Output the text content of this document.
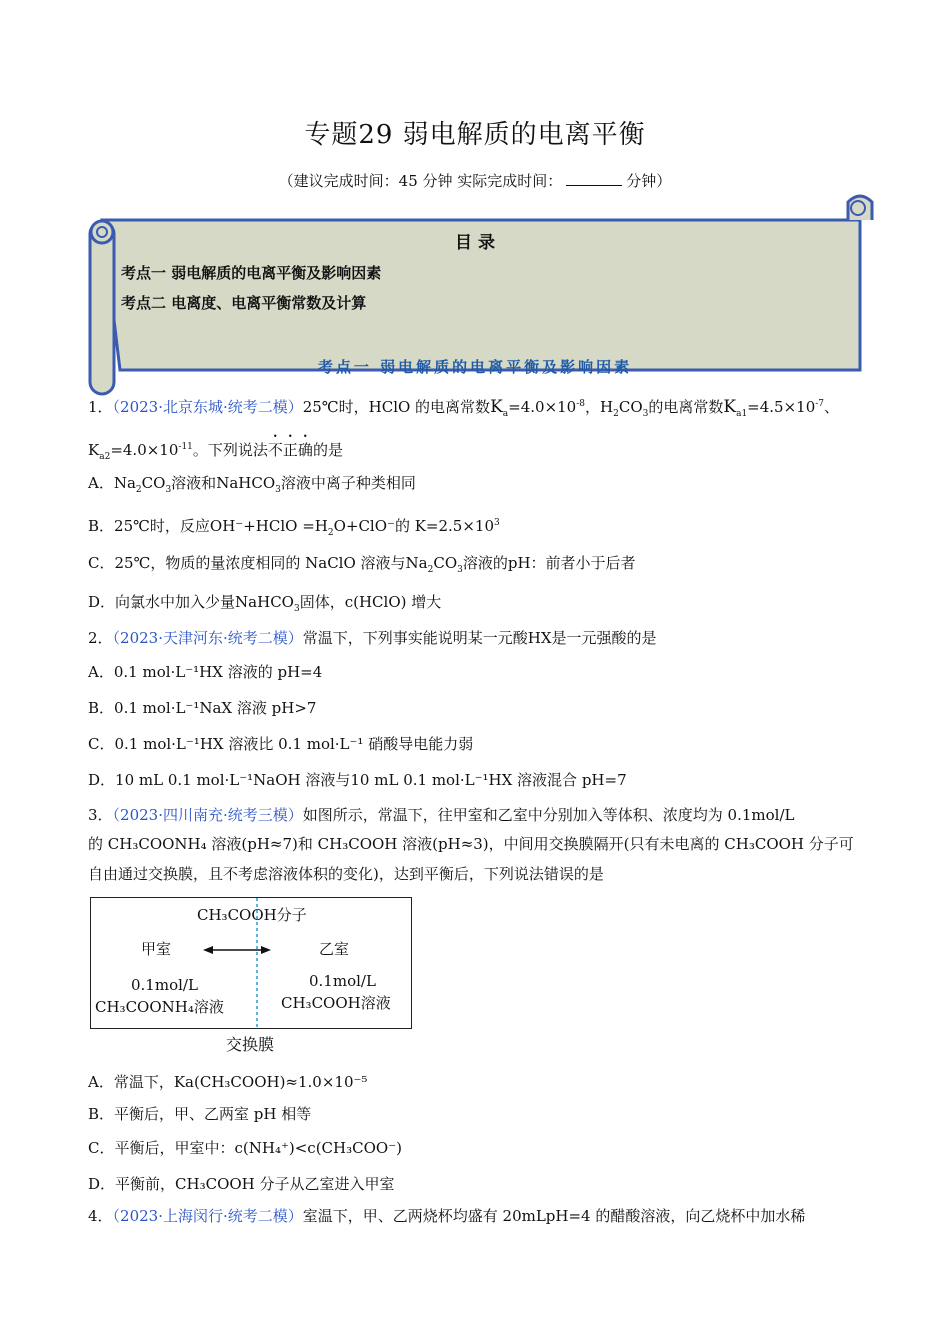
专题29 弱电解质的电离平衡
（建议完成时间：45 分钟 实际完成时间：	分钟）
目 录
考点一 弱电解质的电离平衡及影响因素
考点二 电离度、电离平衡常数及计算
考点一 弱电解质的电离平衡及影响因素
1．（2023·北京东城·统考二模）25℃时，HClO 的电离常数$K_a=4.0\times 10^{-8}$，$H_2CO_3$的电离常数$K_{a1}=4.5\times 10^{-7}$、
$K_{a2}=4.0\times 10^{-11}$。下列说法不正确的是
A．$Na_2CO_3$溶液和NaHCO$_3$溶液中离子种类相同
B．25℃时，反应OH⁻+HClO $=H_2O+ClO^-$的 $K=2.5\times 10^3$
C．25℃，物质的量浓度相同的 NaClO 溶液与$Na_2CO_3$溶液的pH：前者小于后者
D．向氯水中加入少量NaHCO$_3$固体，c(HClO) 增大
2．（2023·天津河东·统考二模）常温下，下列事实能说明某一元酸HX是一元强酸的是
A．0.1 mol·L⁻¹HX 溶液的 pH=4
B．0.1 mol·L⁻¹NaX 溶液 pH>7
C．0.1 mol·L⁻¹HX 溶液比 0.1 mol·L⁻¹ 硝酸导电能力弱
D．10 mL 0.1 mol·L⁻¹NaOH 溶液与10 mL 0.1 mol·L⁻¹HX 溶液混合 pH=7
3．（2023·四川南充·统考三模）如图所示，常温下，往甲室和乙室中分别加入等体积、浓度均为 0.1mol/L
的 CH₃COONH₄ 溶液(pH≈7)和 CH₃COOH 溶液(pH≈3)，中间用交换膜隔开(只有未电离的 CH₃COOH 分子可
自由通过交换膜，且不考虑溶液体积的变化)，达到平衡后，下列说法错误的是
CH₃COOH分子
甲室	乙室
0.1mol/L
CH₃COONH₄溶液
0.1mol/L
CH₃COOH溶液
交换膜
A．常温下，Ka(CH₃COOH)≈1.0×10⁻⁵
B．平衡后，甲、乙两室 pH 相等
C．平衡后，甲室中：c(NH₄⁺)<c(CH₃COO⁻)
D．平衡前，CH₃COOH 分子从乙室进入甲室
4．（2023·上海闵行·统考二模）室温下，甲、乙两烧杯均盛有 20mLpH=4 的醋酸溶液，向乙烧杯中加水稀
